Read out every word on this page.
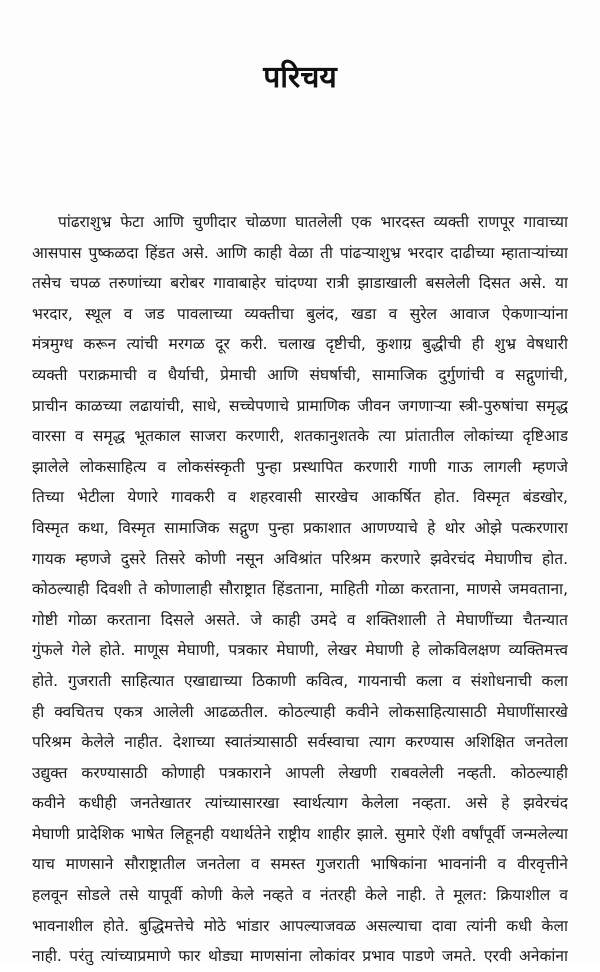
परिचय
पांढराशुभ्र फेटा आणि चुणीदार चोळणा घातलेली एक भारदस्त व्यक्ती राणपूर गावाच्या
आसपास पुष्कळदा हिंडत असे. आणि काही वेळा ती पांढऱ्याशुभ्र भरदार दाढीच्या म्हाताऱ्यांच्या
तसेच चपळ तरुणांच्या बरोबर गावाबाहेर चांदण्या रात्री झाडाखाली बसलेली दिसत असे. या
भरदार, स्थूल व जड पावलाच्या व्यक्तीचा बुलंद, खडा व सुरेल आवाज ऐकणाऱ्यांना
मंत्रमुग्ध करून त्यांची मरगळ दूर करी. चलाख दृष्टीची, कुशाग्र बुद्धीची ही शुभ्र वेषधारी
व्यक्ती पराक्रमाची व धैर्याची, प्रेमाची आणि संघर्षाची, सामाजिक दुर्गुणांची व सद्गुणांची,
प्राचीन काळच्या लढायांची, साधे, सच्चेपणाचे प्रामाणिक जीवन जगणाऱ्या स्त्री-पुरुषांचा समृद्ध
वारसा व समृद्ध भूतकाल साजरा करणारी, शतकानुशतके त्या प्रांतातील लोकांच्या दृष्टिआड
झालेले लोकसाहित्य व लोकसंस्कृती पुन्हा प्रस्थापित करणारी गाणी गाऊ लागली म्हणजे
तिच्या भेटीला येणारे गावकरी व शहरवासी सारखेच आकर्षित होत. विस्मृत बंडखोर,
विस्मृत कथा, विस्मृत सामाजिक सद्गुण पुन्हा प्रकाशात आणण्याचे हे थोर ओझे पत्करणारा
गायक म्हणजे दुसरे तिसरे कोणी नसून अविश्रांत परिश्रम करणारे झवेरचंद मेघाणीच होत.
कोठल्याही दिवशी ते कोणालाही सौराष्ट्रात हिंडताना, माहिती गोळा करताना, माणसे जमवताना,
गोष्टी गोळा करताना दिसले असते. जे काही उमदे व शक्तिशाली ते मेघाणींच्या चैतन्यात
गुंफले गेले होते. माणूस मेघाणी, पत्रकार मेघाणी, लेखर मेघाणी हे लोकविलक्षण व्यक्तिमत्त्व
होते. गुजराती साहित्यात एखाद्याच्या ठिकाणी कवित्व, गायनाची कला व संशोधनाची कला
ही क्वचितच एकत्र आलेली आढळतील. कोठल्याही कवीने लोकसाहित्यासाठी मेघाणींसारखे
परिश्रम केलेले नाहीत. देशाच्या स्वातंत्र्यासाठी सर्वस्वाचा त्याग करण्यास अशिक्षित जनतेला
उद्युक्त करण्यासाठी कोणाही पत्रकाराने आपली लेखणी राबवलेली नव्हती. कोठल्याही
कवीने कधीही जनतेखातर त्यांच्यासारखा स्वार्थत्याग केलेला नव्हता. असे हे झवेरचंद
मेघाणी प्रादेशिक भाषेत लिहूनही यथार्थतेने राष्ट्रीय शाहीर झाले. सुमारे ऐंशी वर्षांपूर्वी जन्मलेल्या
याच माणसाने सौराष्ट्रातील जनतेला व समस्त गुजराती भाषिकांना भावनांनी व वीरवृत्तीने
हलवून सोडले तसे यापूर्वी कोणी केले नव्हते व नंतरही केले नाही. ते मूलत: क्रियाशील व
भावनाशील होते. बुद्धिमत्तेचे मोठे भांडार आपल्याजवळ असल्याचा दावा त्यांनी कधी केला
नाही. परंतु त्यांच्याप्रमाणे फार थोड्या माणसांना लोकांवर प्रभाव पाडणे जमते. एरवी अनेकांना
